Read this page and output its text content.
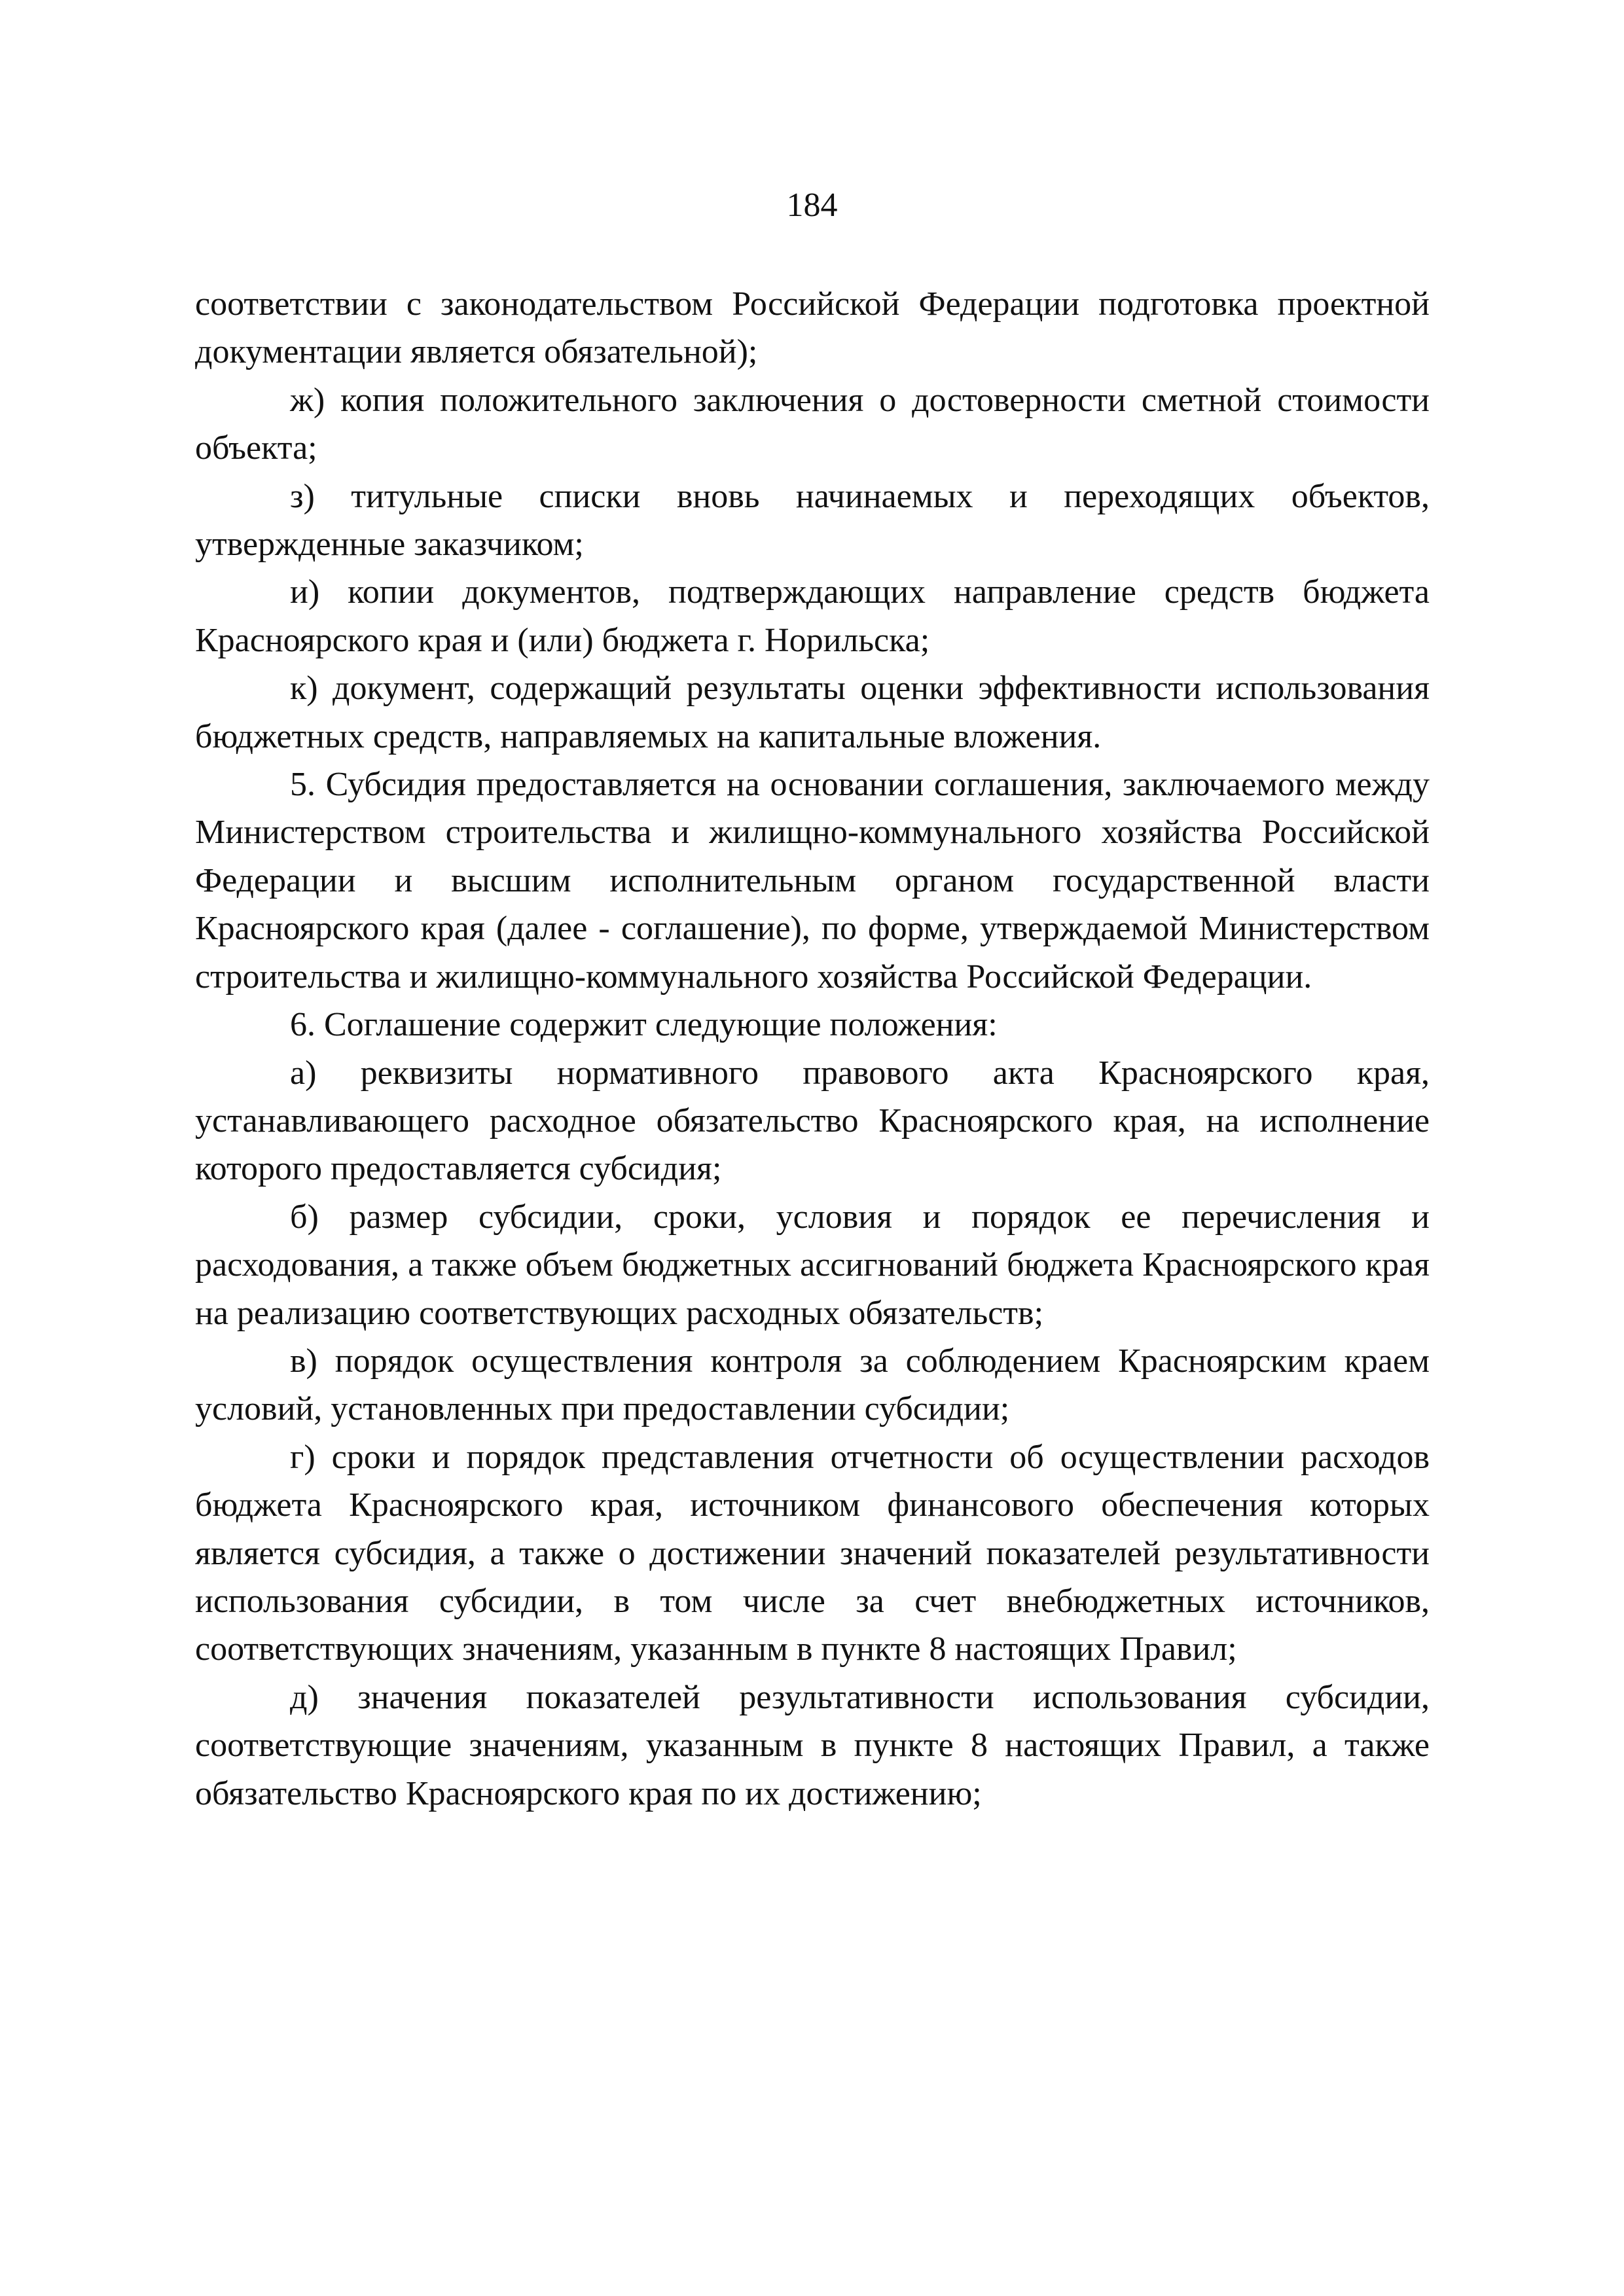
184

соответствии с законодательством Российской Федерации подготовка проектной документации является обязательной);

ж) копия положительного заключения о достоверности сметной стоимости объекта;

з) титульные списки вновь начинаемых и переходящих объектов, утвержденные заказчиком;

и) копии документов, подтверждающих направление средств бюджета Красноярского края и (или) бюджета г. Норильска;

к) документ, содержащий результаты оценки эффективности использования бюджетных средств, направляемых на капитальные вложения.

5. Субсидия предоставляется на основании соглашения, заключаемого между Министерством строительства и жилищно-коммунального хозяйства Российской Федерации и высшим исполнительным органом государственной власти Красноярского края (далее - соглашение), по форме, утверждаемой Министерством строительства и жилищно-коммунального хозяйства Российской Федерации.

6. Соглашение содержит следующие положения:

а) реквизиты нормативного правового акта Красноярского края, устанавливающего расходное обязательство Красноярского края, на исполнение которого предоставляется субсидия;

б) размер субсидии, сроки, условия и порядок ее перечисления и расходования, а также объем бюджетных ассигнований бюджета Красноярского края на реализацию соответствующих расходных обязательств;

в) порядок осуществления контроля за соблюдением Красноярским краем условий, установленных при предоставлении субсидии;

г) сроки и порядок представления отчетности об осуществлении расходов бюджета Красноярского края, источником финансового обеспечения которых является субсидия, а также о достижении значений показателей результативности использования субсидии, в том числе за счет внебюджетных источников, соответствующих значениям, указанным в пункте 8 настоящих Правил;

д) значения показателей результативности использования субсидии, соответствующие значениям, указанным в пункте 8 настоящих Правил, а также обязательство Красноярского края по их достижению;
